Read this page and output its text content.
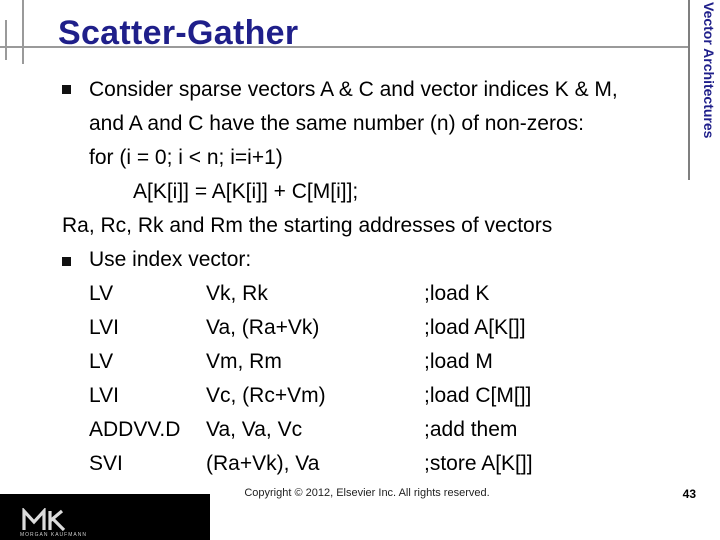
Scatter-Gather	Vector Architectures
Consider sparse vectors A & C and vector indices K & M,
and A and C have the same number (n) of non-zeros:
for (i = 0; i < n; i=i+1)
A[K[i]] = A[K[i]] + C[M[i]];
Ra, Rc, Rk and Rm the starting addresses of vectors
Use index vector:
LV	Vk, Rk	;load K
LVI	Va, (Ra+Vk)	;load A[K[]]
LV	Vm, Rm	;load M
LVI	Vc, (Rc+Vm)	;load C[M[]]
ADDVV.D Va, Va, Vc	;add them
SVI	(Ra+Vk), Va	;store A[K[]]
MORGAN KAUFMANN
Copyright © 2012, Elsevier Inc. All rights reserved.	43
